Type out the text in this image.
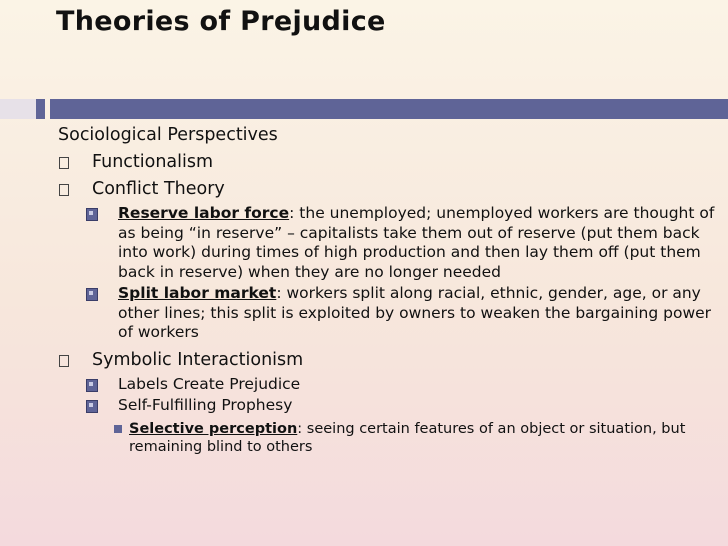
Theories of Prejudice
Sociological Perspectives
Functionalism
Conflict Theory
Reserve labor force: the unemployed; unemployed workers are thought of as being “in reserve” – capitalists take them out of reserve (put them back into work) during times of high production and then lay them off (put them back in reserve) when they are no longer needed
Split labor market: workers split along racial, ethnic, gender, age, or any other lines; this split is exploited by owners to weaken the bargaining power of workers
Symbolic Interactionism
Labels Create Prejudice
Self-Fulfilling Prophesy
Selective perception: seeing certain features of an object or situation, but remaining blind to others
